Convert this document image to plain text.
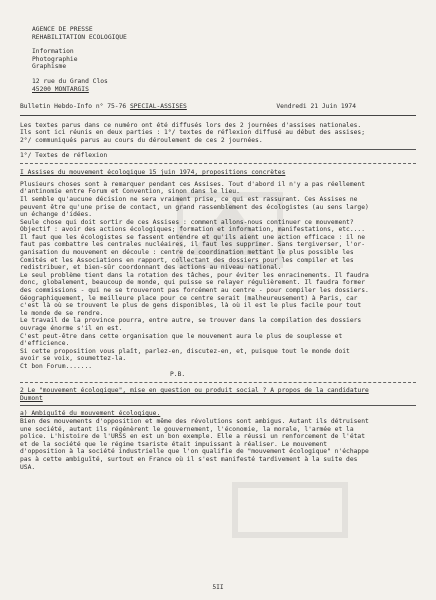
AGENCE DE PRESSE
REHABILITATION ECOLOGIQUE
Information
Photographie
Graphisme
12 rue du Grand Clos
45200 MONTARGIS
Bulletin Hebdo-Info n° 75-76 SPECIAL-ASSISES	Vendredi 21 Juin 1974
Les textes parus dans ce numéro ont été diffusés lors des 2 journées d'assises nationales.
Ils sont ici réunis en deux parties : 1°/ textes de réflexion diffusé au début des assises;
2°/ communiqués parus au cours du déroulement de ces 2 journées.
1°/ Textes de réflexion
I Assises du mouvement écologique 15 juin 1974, propositions concrètes
Plusieurs choses sont à remarquer pendant ces Assises. Tout d'abord il n'y a pas réellement
d'antinomie entre Forum et Convention, sinon dans le lieu.
Il semble qu'aucune décision ne sera vraiment prise, ce qui est rassurant. Ces Assises ne
peuvent être qu'une prise de contact, un grand rassemblement des écologistes (au sens large)
un échange d'idées.
Seule chose qui doit sortir de ces Assises : comment allons-nous continuer ce mouvement?
Objectif : avoir des actions écologiques; formation et information, manifestations, etc....
Il faut que les écologistes se fassent entendre et qu'ils aient une action efficace : il ne
faut pas combattre les centrales nucléaires, il faut les supprimer. Sans tergiverser, l'or-
ganisation du mouvement en découle : centre de coordination mettant le plus possible les
Comités et les Associations en rapport, collectant des dossiers pour les compiler et les
redistribuer, et bien-sûr coordonnant des actions au niveau national.
Le seul problème tient dans la rotation des tâches, pour éviter les enracinements. Il faudra
donc, globalement, beaucoup de monde, qui puisse se relayer régulièrement. Il faudra former
des commissions - qui ne se trouveront pas forcément au centre - pour compiler les dossiers.
Géographiquement, le meilleure place pour ce centre serait (malheureusement) à Paris, car
c'est là où se trouvent le plus de gens disponibles, là où il est le plus facile pour tout
le monde de se rendre.
Le travail de la province pourra, entre autre, se trouver dans la compilation des dossiers
ouvrage énorme s'il en est.
C'est peut-être dans cette organisation que le mouvement aura le plus de souplesse et
d'efficience.
Si cette proposition vous plaît, parlez-en, discutez-en, et, puisque tout le monde doit
avoir se voix, soumettez-la.
Ct bon Forum.......
P.B.
2 Le "mouvement écologique", mise en question ou produit social ? A propos de la candidature
Dumont
a) Ambiguïté du mouvement écologique.
Bien des mouvements d'opposition et même des révolutions sont ambigus. Autant ils détruisent
une société, autant ils régénèrent le gouvernement, l'économie, la morale, l'armée et la
police. L'histoire de l'URSS en est un bon exemple. Elle a réussi un renforcement de l'état
et de la société que le régime tsariste était impuissant à réaliser. Le mouvement
d'opposition à la société industrielle que l'on qualifie de "mouvement écologique" n'échappe
pas à cette ambiguïté, surtout en France où il s'est manifesté tardivement à la suite des
USA.
5II
